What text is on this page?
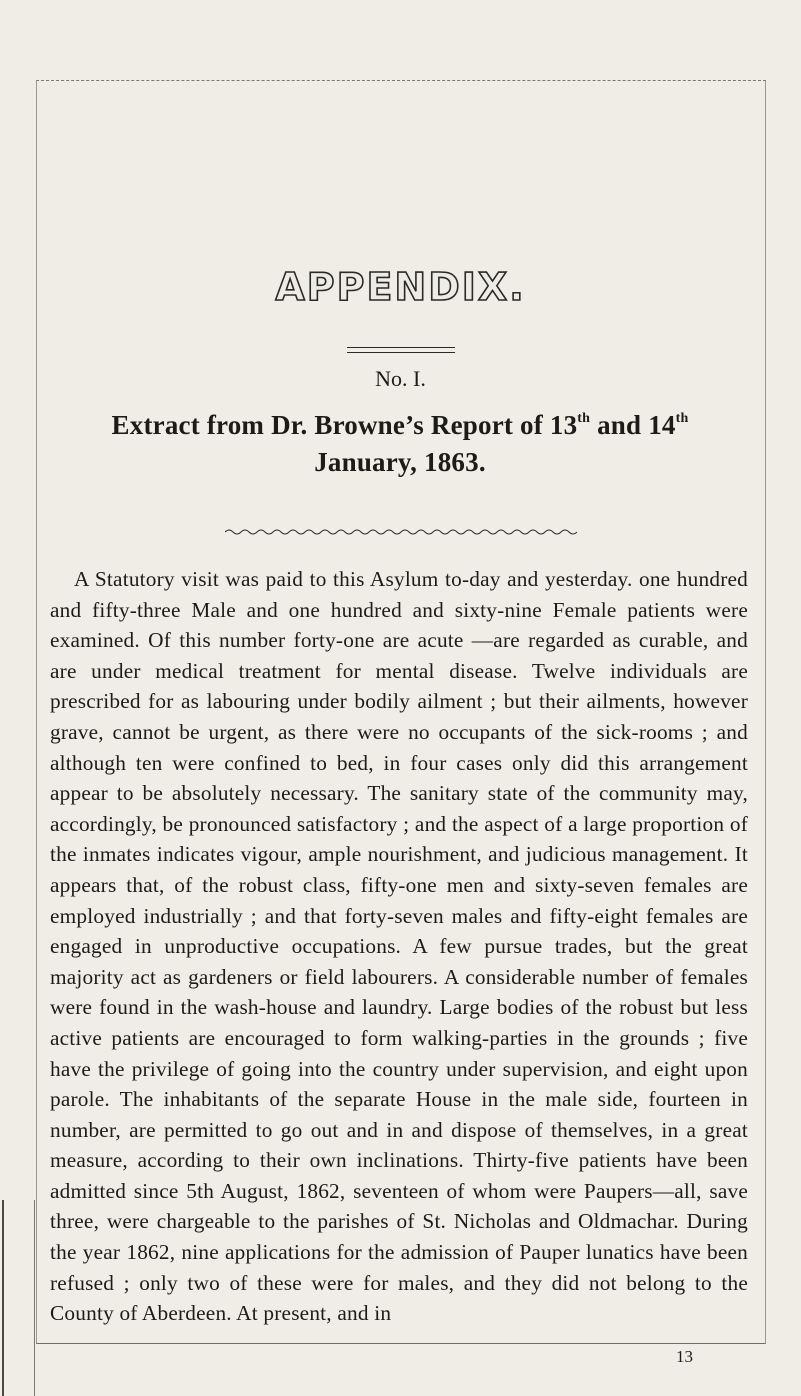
APPENDIX.
No. I.
Extract from Dr. Browne’s Report of 13th and 14th
January, 1863.

A Statutory visit was paid to this Asylum to-day and yesterday. one hundred and fifty-three Male and one hundred and sixty-nine Female patients were examined. Of this number forty-one are acute —are regarded as curable, and are under medical treatment for mental disease. Twelve individuals are prescribed for as labouring under bodily ailment ; but their ailments, however grave, cannot be urgent, as there were no occupants of the sick-rooms ; and although ten were confined to bed, in four cases only did this arrangement appear to be absolutely necessary. The sanitary state of the community may, accordingly, be pronounced satisfactory ; and the aspect of a large proportion of the inmates indicates vigour, ample nourishment, and judicious management. It appears that, of the robust class, fifty-one men and sixty-seven females are employed industrially ; and that forty-seven males and fifty-eight females are engaged in unproductive occupations. A few pursue trades, but the great majority act as gardeners or field labourers. A considerable number of females were found in the wash-house and laundry. Large bodies of the robust but less active patients are encouraged to form walking-parties in the grounds ; five have the privilege of going into the country under supervision, and eight upon parole. The inhabitants of the separate House in the male side, fourteen in number, are permitted to go out and in and dispose of themselves, in a great measure, according to their own inclinations. Thirty-five patients have been admitted since 5th August, 1862, seventeen of whom were Paupers—all, save three, were chargeable to the parishes of St. Nicholas and Oldmachar. During the year 1862, nine applications for the admission of Pauper lunatics have been refused ; only two of these were for males, and they did not belong to the County of Aberdeen. At present, and in

13
